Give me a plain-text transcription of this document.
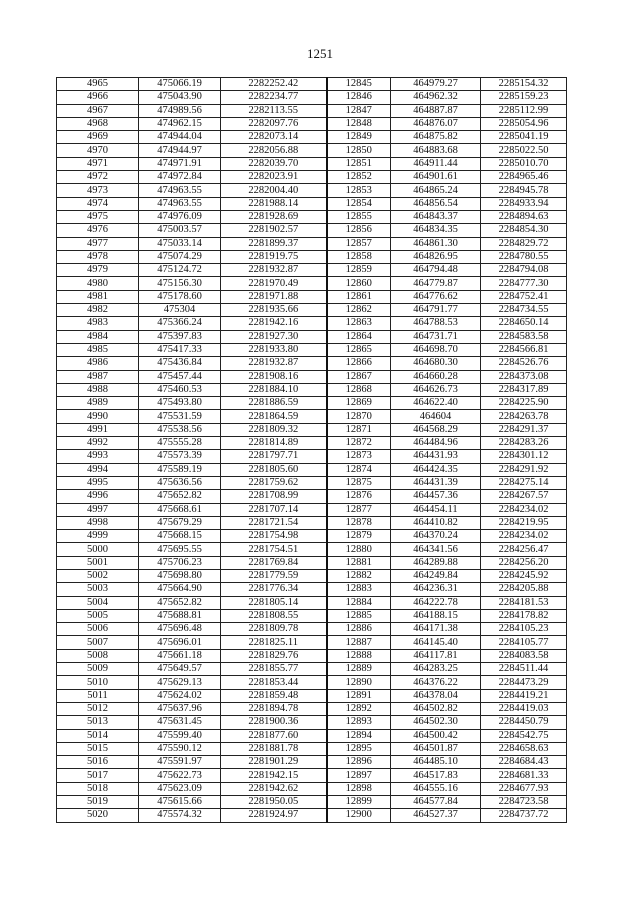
1251
4965	475066.19	2282252.42	12845	464979.27	2285154.32
4966	475043.90	2282234.77	12846	464962.32	2285159.23
4967	474989.56	2282113.55	12847	464887.87	2285112.99
4968	474962.15	2282097.76	12848	464876.07	2285054.96
4969	474944.04	2282073.14	12849	464875.82	2285041.19
4970	474944.97	2282056.88	12850	464883.68	2285022.50
4971	474971.91	2282039.70	12851	464911.44	2285010.70
4972	474972.84	2282023.91	12852	464901.61	2284965.46
4973	474963.55	2282004.40	12853	464865.24	2284945.78
4974	474963.55	2281988.14	12854	464856.54	2284933.94
4975	474976.09	2281928.69	12855	464843.37	2284894.63
4976	475003.57	2281902.57	12856	464834.35	2284854.30
4977	475033.14	2281899.37	12857	464861.30	2284829.72
4978	475074.29	2281919.75	12858	464826.95	2284780.55
4979	475124.72	2281932.87	12859	464794.48	2284794.08
4980	475156.30	2281970.49	12860	464779.87	2284777.30
4981	475178.60	2281971.88	12861	464776.62	2284752.41
4982	475304	2281935.66	12862	464791.77	2284734.55
4983	475366.24	2281942.16	12863	464788.53	2284650.14
4984	475397.83	2281927.30	12864	464731.71	2284583.58
4985	475417.33	2281933.80	12865	464698.70	2284566.81
4986	475436.84	2281932.87	12866	464680.30	2284526.76
4987	475457.44	2281908.16	12867	464660.28	2284373.08
4988	475460.53	2281884.10	12868	464626.73	2284317.89
4989	475493.80	2281886.59	12869	464622.40	2284225.90
4990	475531.59	2281864.59	12870	464604	2284263.78
4991	475538.56	2281809.32	12871	464568.29	2284291.37
4992	475555.28	2281814.89	12872	464484.96	2284283.26
4993	475573.39	2281797.71	12873	464431.93	2284301.12
4994	475589.19	2281805.60	12874	464424.35	2284291.92
4995	475636.56	2281759.62	12875	464431.39	2284275.14
4996	475652.82	2281708.99	12876	464457.36	2284267.57
4997	475668.61	2281707.14	12877	464454.11	2284234.02
4998	475679.29	2281721.54	12878	464410.82	2284219.95
4999	475668.15	2281754.98	12879	464370.24	2284234.02
5000	475695.55	2281754.51	12880	464341.56	2284256.47
5001	475706.23	2281769.84	12881	464289.88	2284256.20
5002	475698.80	2281779.59	12882	464249.84	2284245.92
5003	475664.90	2281776.34	12883	464236.31	2284205.88
5004	475652.82	2281805.14	12884	464222.78	2284181.53
5005	475688.81	2281808.55	12885	464188.15	2284178.82
5006	475696.48	2281809.78	12886	464171.38	2284105.23
5007	475696.01	2281825.11	12887	464145.40	2284105.77
5008	475661.18	2281829.76	12888	464117.81	2284083.58
5009	475649.57	2281855.77	12889	464283.25	2284511.44
5010	475629.13	2281853.44	12890	464376.22	2284473.29
5011	475624.02	2281859.48	12891	464378.04	2284419.21
5012	475637.96	2281894.78	12892	464502.82	2284419.03
5013	475631.45	2281900.36	12893	464502.30	2284450.79
5014	475599.40	2281877.60	12894	464500.42	2284542.75
5015	475590.12	2281881.78	12895	464501.87	2284658.63
5016	475591.97	2281901.29	12896	464485.10	2284684.43
5017	475622.73	2281942.15	12897	464517.83	2284681.33
5018	475623.09	2281942.62	12898	464555.16	2284677.93
5019	475615.66	2281950.05	12899	464577.84	2284723.58
5020	475574.32	2281924.97	12900	464527.37	2284737.72
